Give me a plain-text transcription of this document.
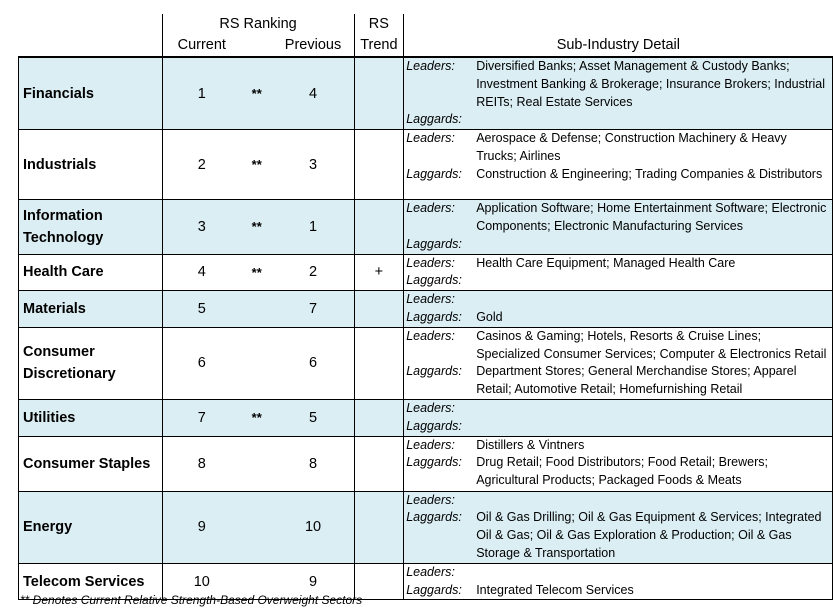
	RS Ranking			RS	
	Current		Previous	Trend	Sub-Industry Detail
Financials	1	**	4		Leaders: Diversified Banks; Asset Management & Custody Banks; Investment Banking & Brokerage; Insurance Brokers; Industrial REITs; Real Estate Services
Laggards:

Industrials	2	**	3		Leaders: Aerospace & Defense; Construction Machinery & Heavy Trucks; Airlines
Laggards: Construction & Engineering; Trading Companies & Distributors

Information Technology	3	**	1		Leaders: Application Software; Home Entertainment Software; Electronic Components; Electronic Manufacturing Services
Laggards:

Health Care	4	**	2	+	Leaders: Health Care Equipment; Managed Health Care
Laggards:

Materials	5		7		Leaders:
Laggards: Gold

Consumer Discretionary	6		6		Leaders: Casinos & Gaming; Hotels, Resorts & Cruise Lines; Specialized Consumer Services; Computer & Electronics Retail
Laggards: Department Stores; General Merchandise Stores; Apparel Retail; Automotive Retail; Homefurnishing Retail

Utilities	7	**	5		Leaders:
Laggards:

Consumer Staples	8		8		Leaders: Distillers & Vintners
Laggards: Drug Retail; Food Distributors; Food Retail; Brewers; Agricultural Products; Packaged Foods & Meats

Energy	9		10		Leaders:
Laggards: Oil & Gas Drilling; Oil & Gas Equipment & Services; Integrated Oil & Gas; Oil & Gas Exploration & Production; Oil & Gas Storage & Transportation

Telecom Services	10		9		Leaders:
Laggards: Integrated Telecom Services
** Denotes Current Relative Strength-Based Overweight Sectors
